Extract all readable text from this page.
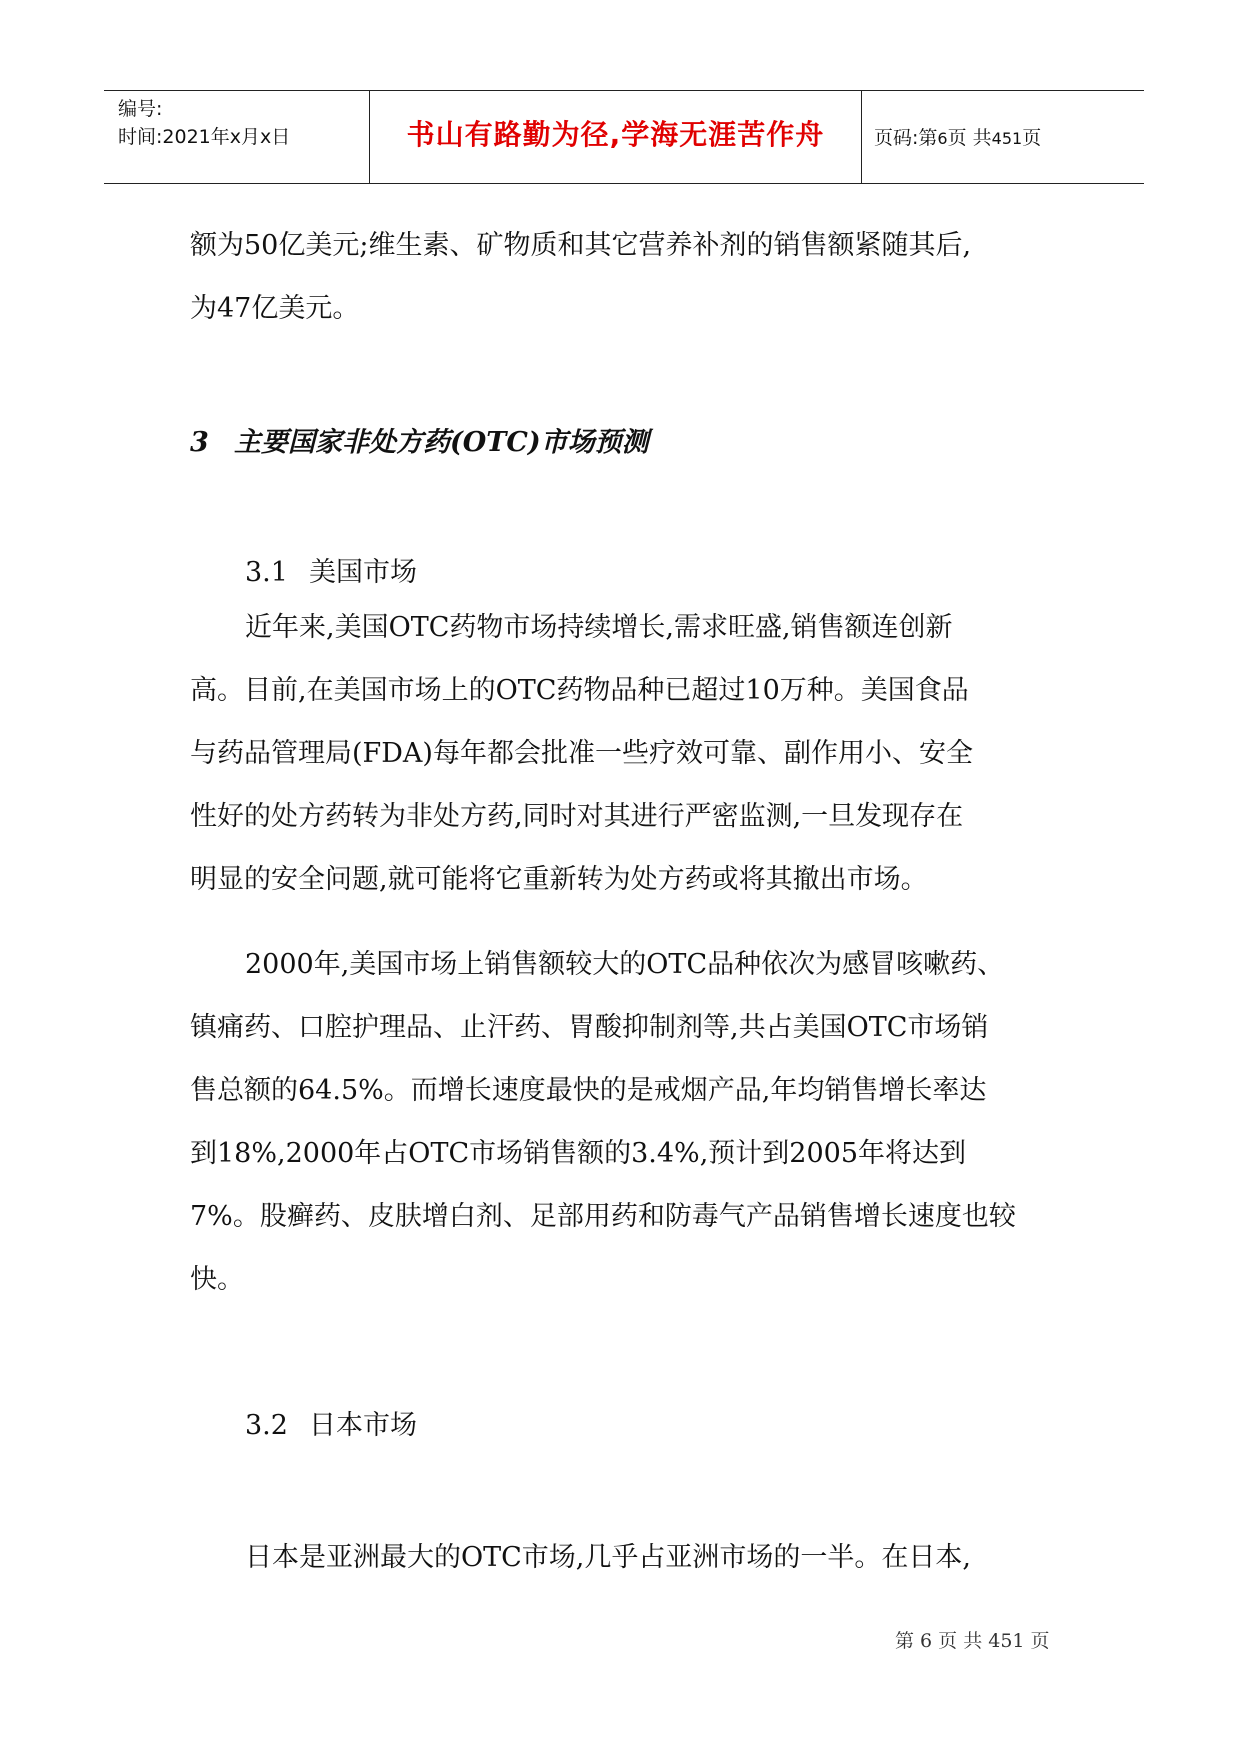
编号:
时间:2021年x月x日	书山有路勤为径,学海无涯苦作舟	页码:第6页 共451页
额为50亿美元;维生素、矿物质和其它营养补剂的销售额紧随其后,
为47亿美元。
3 主要国家非处方药(OTC)市场预测
3.1 美国市场
近年来,美国OTC药物市场持续增长,需求旺盛,销售额连创新
高。目前,在美国市场上的OTC药物品种已超过10万种。美国食品
与药品管理局(FDA)每年都会批准一些疗效可靠、副作用小、安全
性好的处方药转为非处方药,同时对其进行严密监测,一旦发现存在
明显的安全问题,就可能将它重新转为处方药或将其撤出市场。
2000年,美国市场上销售额较大的OTC品种依次为感冒咳嗽药、
镇痛药、口腔护理品、止汗药、胃酸抑制剂等,共占美国OTC市场销
售总额的64.5%。而增长速度最快的是戒烟产品,年均销售增长率达
到18%,2000年占OTC市场销售额的3.4%,预计到2005年将达到
7%。股癣药、皮肤增白剂、足部用药和防毒气产品销售增长速度也较
快。
3.2 日本市场
日本是亚洲最大的OTC市场,几乎占亚洲市场的一半。在日本,
第 6 页 共 451 页
